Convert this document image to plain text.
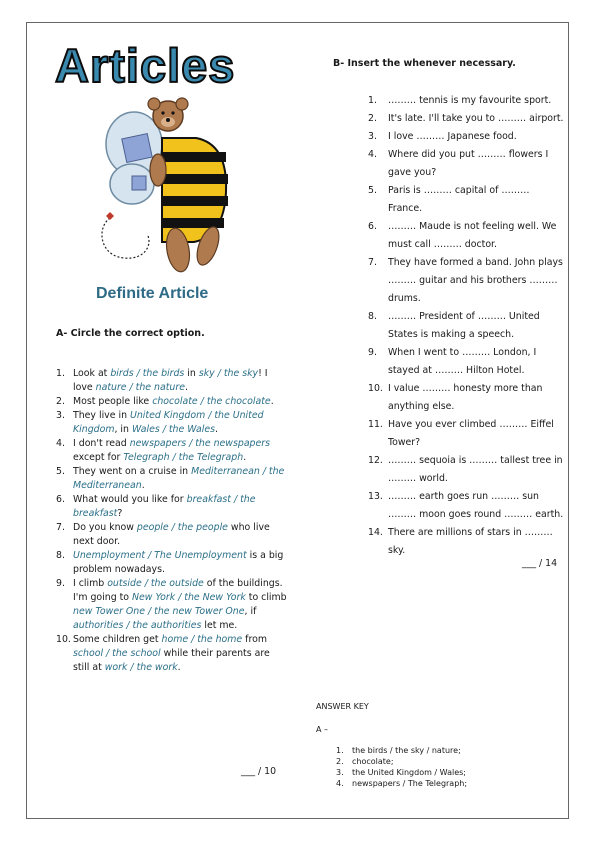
Articles
Definite Article
B- Insert the whenever necessary.
1. ……… tennis is my favourite sport.
2. It's late. I'll take you to ……… airport.
3. I love ……… Japanese food.
4. Where did you put ……… flowers I gave you?
5. Paris is ……… capital of ……… France.
6. ……… Maude is not feeling well. We must call ……… doctor.
7. They have formed a band. John plays ……… guitar and his brothers ……… drums.
8. ……… President of ……… United States is making a speech.
9. When I went to ……… London, I stayed at ……… Hilton Hotel.
10. I value ……… honesty more than anything else.
11. Have you ever climbed ……… Eiffel Tower?
12. ……… sequoia is ……… tallest tree in ……… world.
13. ……… earth goes run ……… sun ……… moon goes round ……… earth.
14. There are millions of stars in ……… sky.
___ / 14
A- Circle the correct option.
1. Look at birds / the birds in sky / the sky! I love nature / the nature.
2. Most people like chocolate / the chocolate.
3. They live in United Kingdom / the United Kingdom, in Wales / the Wales.
4. I don't read newspapers / the newspapers except for Telegraph / the Telegraph.
5. They went on a cruise in Mediterranean / the Mediterranean.
6. What would you like for breakfast / the breakfast?
7. Do you know people / the people who live next door.
8. Unemployment / The Unemployment is a big problem nowadays.
9. I climb outside / the outside of the buildings. I'm going to New York / the New York to climb new Tower One / the new Tower One, if authorities / the authorities let me.
10. Some children get home / the home from school / the school while their parents are still at work / the work.
___ / 10
ANSWER KEY
A –
1. the birds / the sky / nature;
2. chocolate;
3. the United Kingdom / Wales;
4. newspapers / The Telegraph;
